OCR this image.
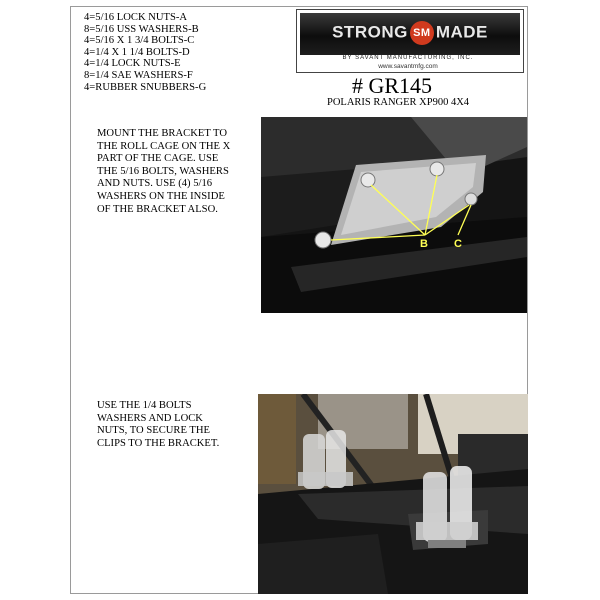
4=5/16 LOCK NUTS-A
8=5/16 USS WASHERS-B
4=5/16 X 1 3/4 BOLTS-C
4=1/4 X 1 1/4 BOLTS-D
4=1/4 LOCK NUTS-E
8=1/4 SAE WASHERS-F
4=RUBBER SNUBBERS-G
STRONG SM MADE
BY SAVANT MANUFACTURING, INC.
www.savantmfg.com
# GR145
POLARIS RANGER XP900 4X4

MOUNT THE BRACKET TO
THE ROLL CAGE ON THE X
PART OF THE CAGE. USE
THE 5/16 BOLTS, WASHERS
AND NUTS. USE (4) 5/16
WASHERS ON THE INSIDE
OF THE BRACKET ALSO.

B C

USE THE 1/4 BOLTS
WASHERS AND LOCK
NUTS, TO SECURE THE
CLIPS TO THE BRACKET.
